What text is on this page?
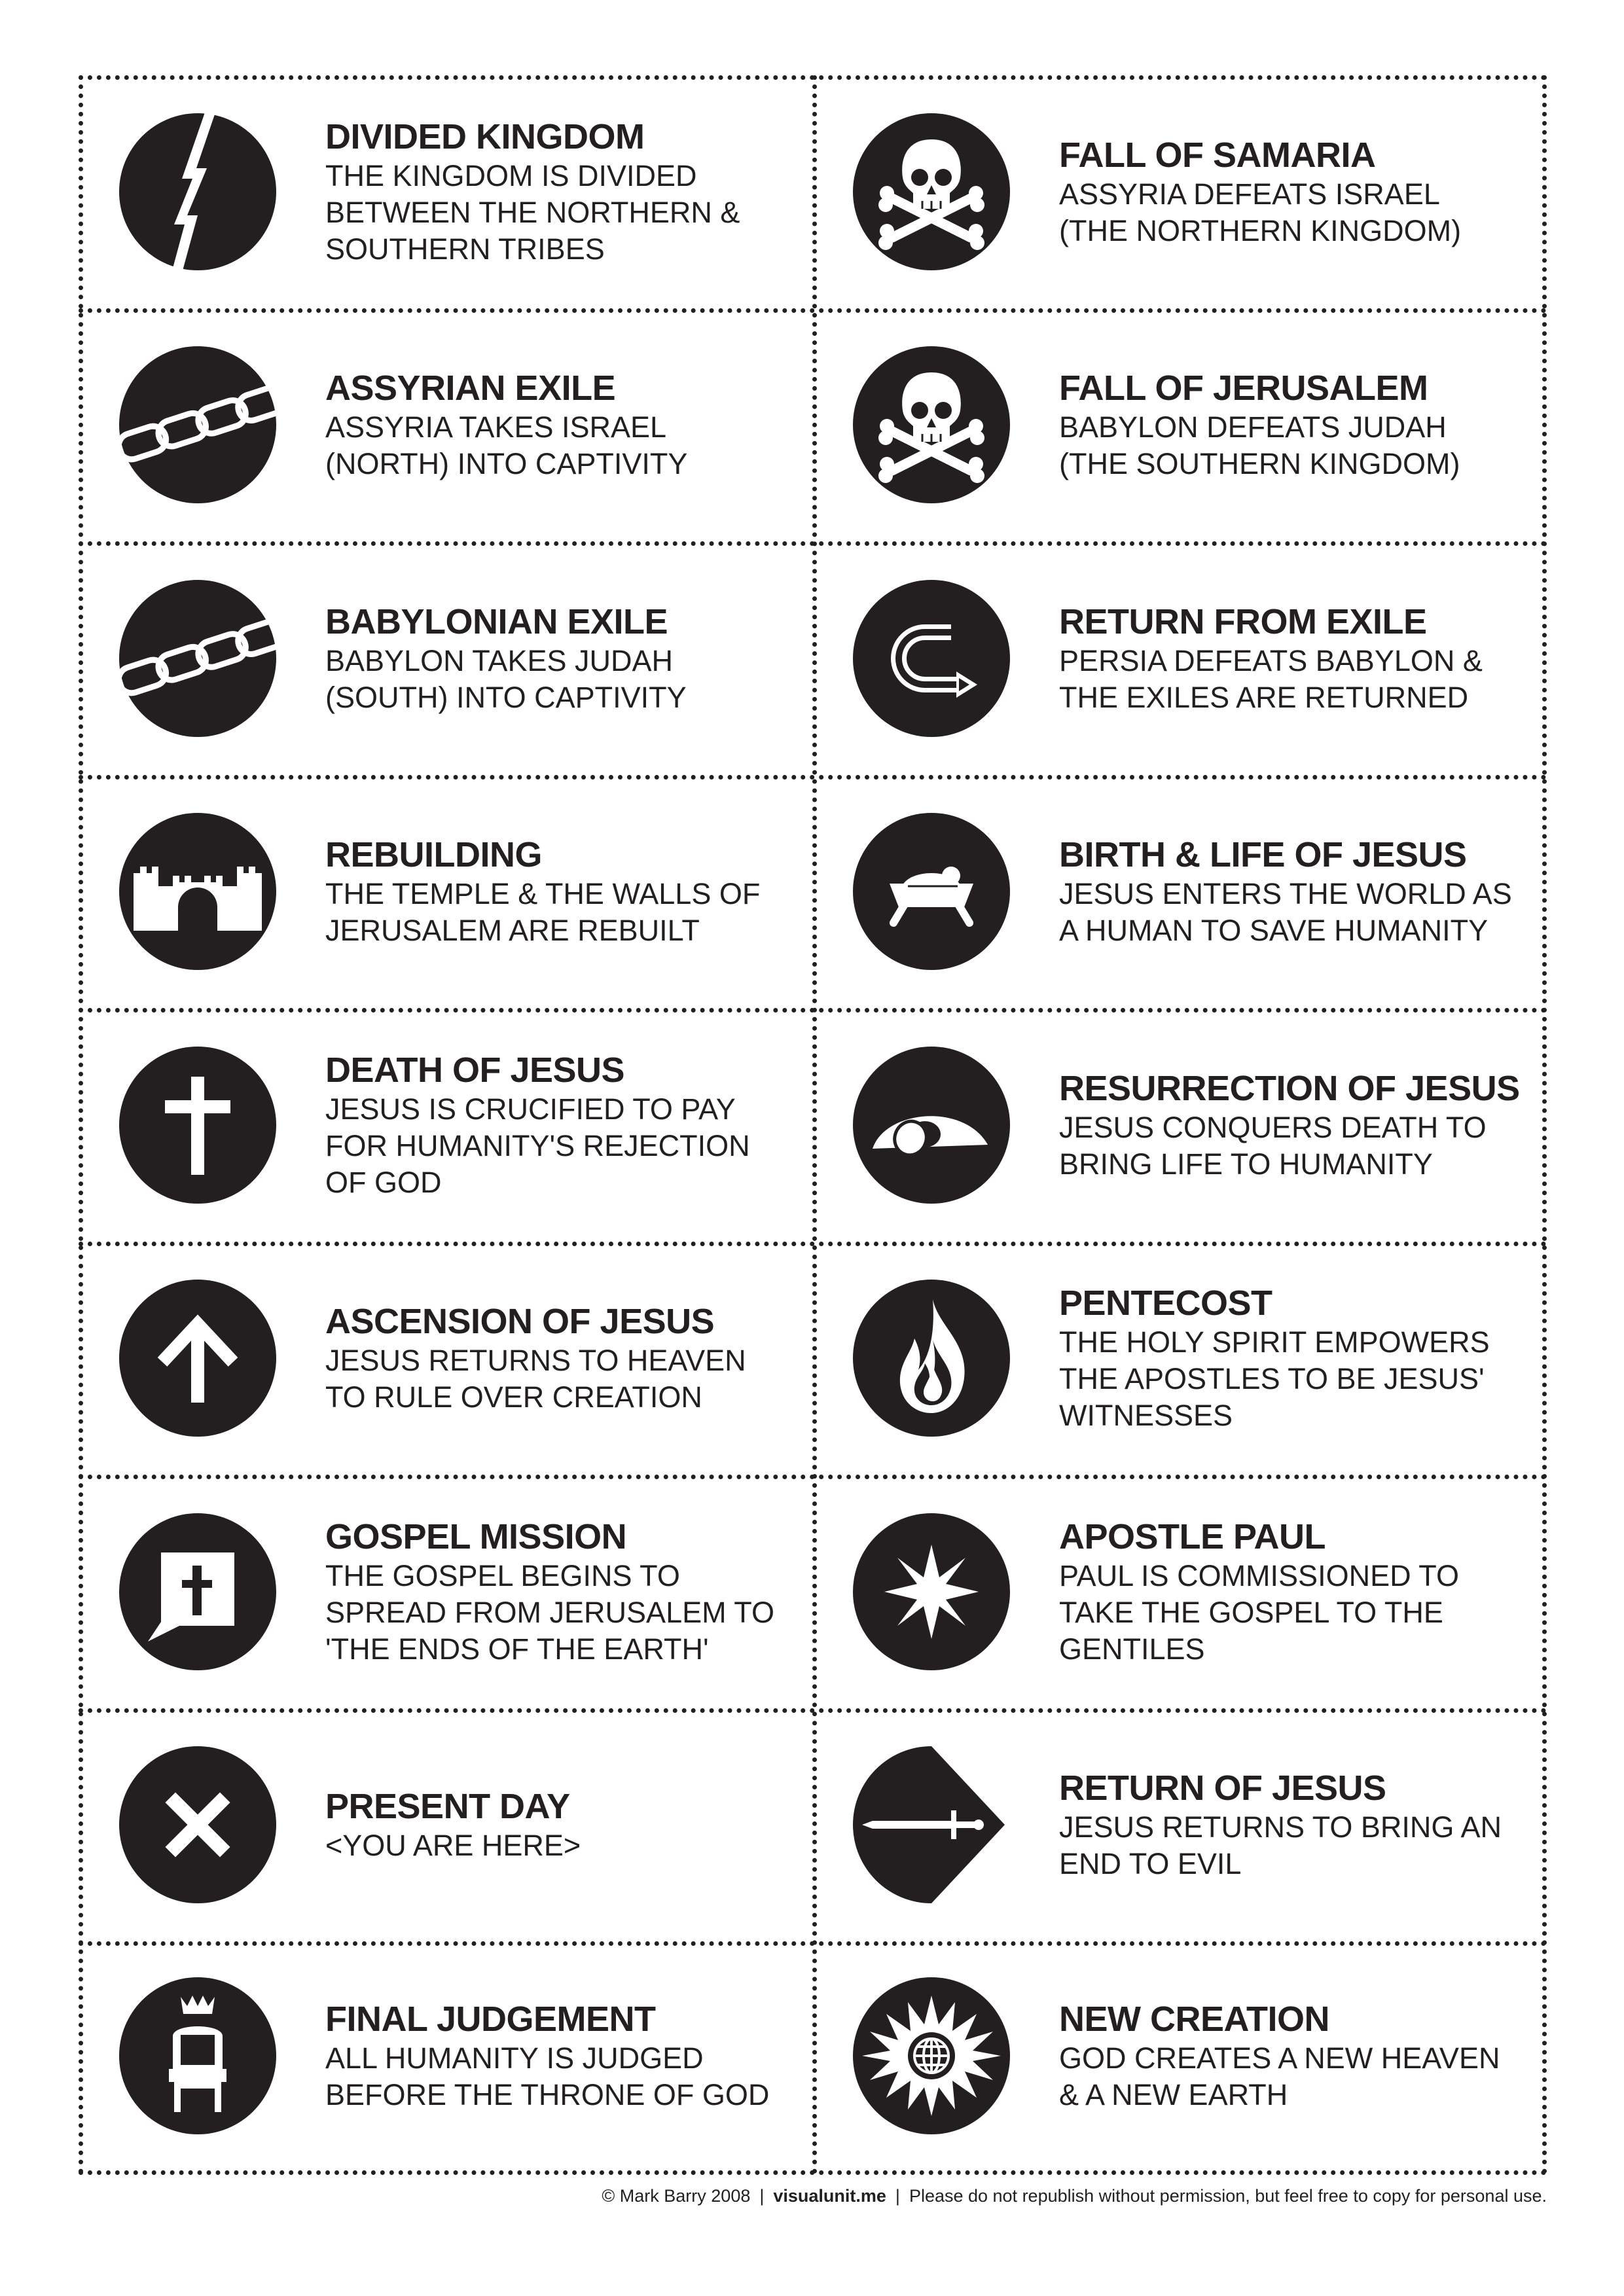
DIVIDED KINGDOM

THE KINGDOM IS DIVIDED
BETWEEN THE NORTHERN &
SOUTHERN TRIBES

FALL OF SAMARIA

ASSYRIA DEFEATS ISRAEL
(THE NORTHERN KINGDOM)

ASSYRIAN EXILE

ASSYRIA TAKES ISRAEL
(NORTH) INTO CAPTIVITY

FALL OF JERUSALEM

BABYLON DEFEATS JUDAH
(THE SOUTHERN KINGDOM)

BABYLONIAN EXILE

BABYLON TAKES JUDAH
(SOUTH) INTO CAPTIVITY

RETURN FROM EXILE

PERSIA DEFEATS BABYLON &
THE EXILES ARE RETURNED

REBUILDING

THE TEMPLE & THE WALLS OF
JERUSALEM ARE REBUILT

BIRTH & LIFE OF JESUS

JESUS ENTERS THE WORLD AS
A HUMAN TO SAVE HUMANITY

DEATH OF JESUS

JESUS IS CRUCIFIED TO PAY
FOR HUMANITY'S REJECTION
OF GOD

RESURRECTION OF JESUS

JESUS CONQUERS DEATH TO
BRING LIFE TO HUMANITY

ASCENSION OF JESUS

JESUS RETURNS TO HEAVEN
TO RULE OVER CREATION

PENTECOST

THE HOLY SPIRIT EMPOWERS
THE APOSTLES TO BE JESUS'
WITNESSES

GOSPEL MISSION

THE GOSPEL BEGINS TO
SPREAD FROM JERUSALEM TO
'THE ENDS OF THE EARTH'

APOSTLE PAUL

PAUL IS COMMISSIONED TO
TAKE THE GOSPEL TO THE
GENTILES

PRESENT DAY

<YOU ARE HERE>

RETURN OF JESUS

JESUS RETURNS TO BRING AN
END TO EVIL

FINAL JUDGEMENT

ALL HUMANITY IS JUDGED
BEFORE THE THRONE OF GOD

NEW CREATION

GOD CREATES A NEW HEAVEN
& A NEW EARTH

© Mark Barry 2008 | visualunit.me | Please do not republish without permission, but feel free to copy for personal use.
